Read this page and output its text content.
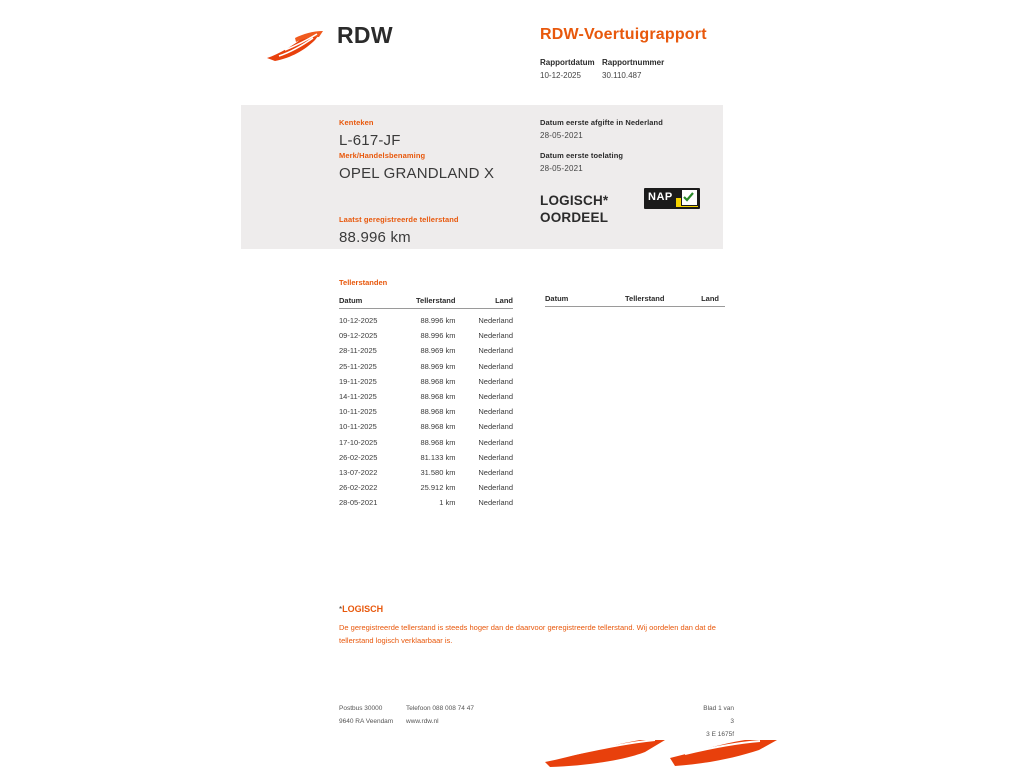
RDW	RDW-Voertuigrapport
Rapportdatum
10-12-2025
Rapportnummer
30.110.487
Kenteken
L-617-JF
Merk/Handelsbenaming
OPEL GRANDLAND X
Laatst geregistreerde tellerstand
88.996 km
Datum eerste afgifte in Nederland
28-05-2021
Datum eerste toelating
28-05-2021
LOGISCH*
OORDEEL
NAP
Tellerstanden
Datum	Tellerstand	Land
10-12-2025	88.996 km	Nederland
09-12-2025	88.996 km	Nederland
28-11-2025	88.969 km	Nederland
25-11-2025	88.969 km	Nederland
19-11-2025	88.968 km	Nederland
14-11-2025	88.968 km	Nederland
10-11-2025	88.968 km	Nederland
10-11-2025	88.968 km	Nederland
17-10-2025	88.968 km	Nederland
26-02-2025	81.133 km	Nederland
13-07-2022	31.580 km	Nederland
26-02-2022	25.912 km	Nederland
28-05-2021	1 km	Nederland
Datum	Tellerstand	Land
*LOGISCH
De geregistreerde tellerstand is steeds hoger dan de daarvoor geregistreerde tellerstand. Wij oordelen dan dat de tellerstand logisch verklaarbaar is.
Postbus 30000
9640 RA Veendam
Telefoon 088 008 74 47
www.rdw.nl
Blad 1 van 3
3 E 1675f
